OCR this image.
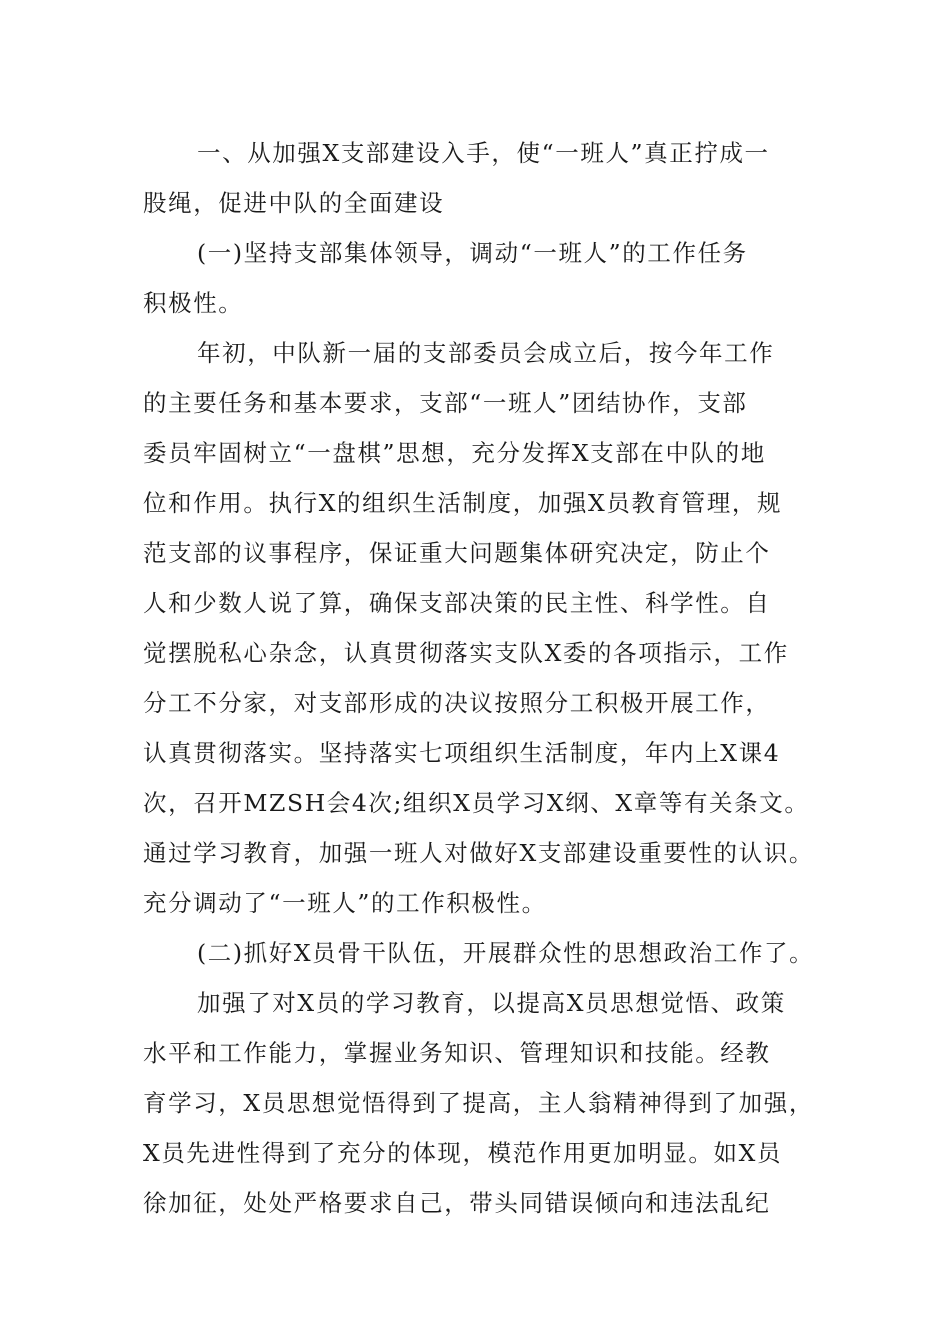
一、从加强X支部建设入手，使“一班人”真正拧成一
股绳，促进中队的全面建设
(一)坚持支部集体领导，调动“一班人”的工作任务
积极性。
年初，中队新一届的支部委员会成立后，按今年工作
的主要任务和基本要求，支部“一班人”团结协作，支部
委员牢固树立“一盘棋”思想，充分发挥X支部在中队的地
位和作用。执行X的组织生活制度，加强X员教育管理，规
范支部的议事程序，保证重大问题集体研究决定，防止个
人和少数人说了算，确保支部决策的民主性、科学性。自
觉摆脱私心杂念，认真贯彻落实支队X委的各项指示，工作
分工不分家，对支部形成的决议按照分工积极开展工作，
认真贯彻落实。坚持落实七项组织生活制度，年内上X课4
次，召开MZSH会4次;组织X员学习X纲、X章等有关条文。
通过学习教育，加强一班人对做好X支部建设重要性的认识。
充分调动了“一班人”的工作积极性。
(二)抓好X员骨干队伍，开展群众性的思想政治工作了。
加强了对X员的学习教育，以提高X员思想觉悟、政策
水平和工作能力，掌握业务知识、管理知识和技能。经教
育学习，X员思想觉悟得到了提高，主人翁精神得到了加强，
X员先进性得到了充分的体现，模范作用更加明显。如X员
徐加征，处处严格要求自己，带头同错误倾向和违法乱纪
